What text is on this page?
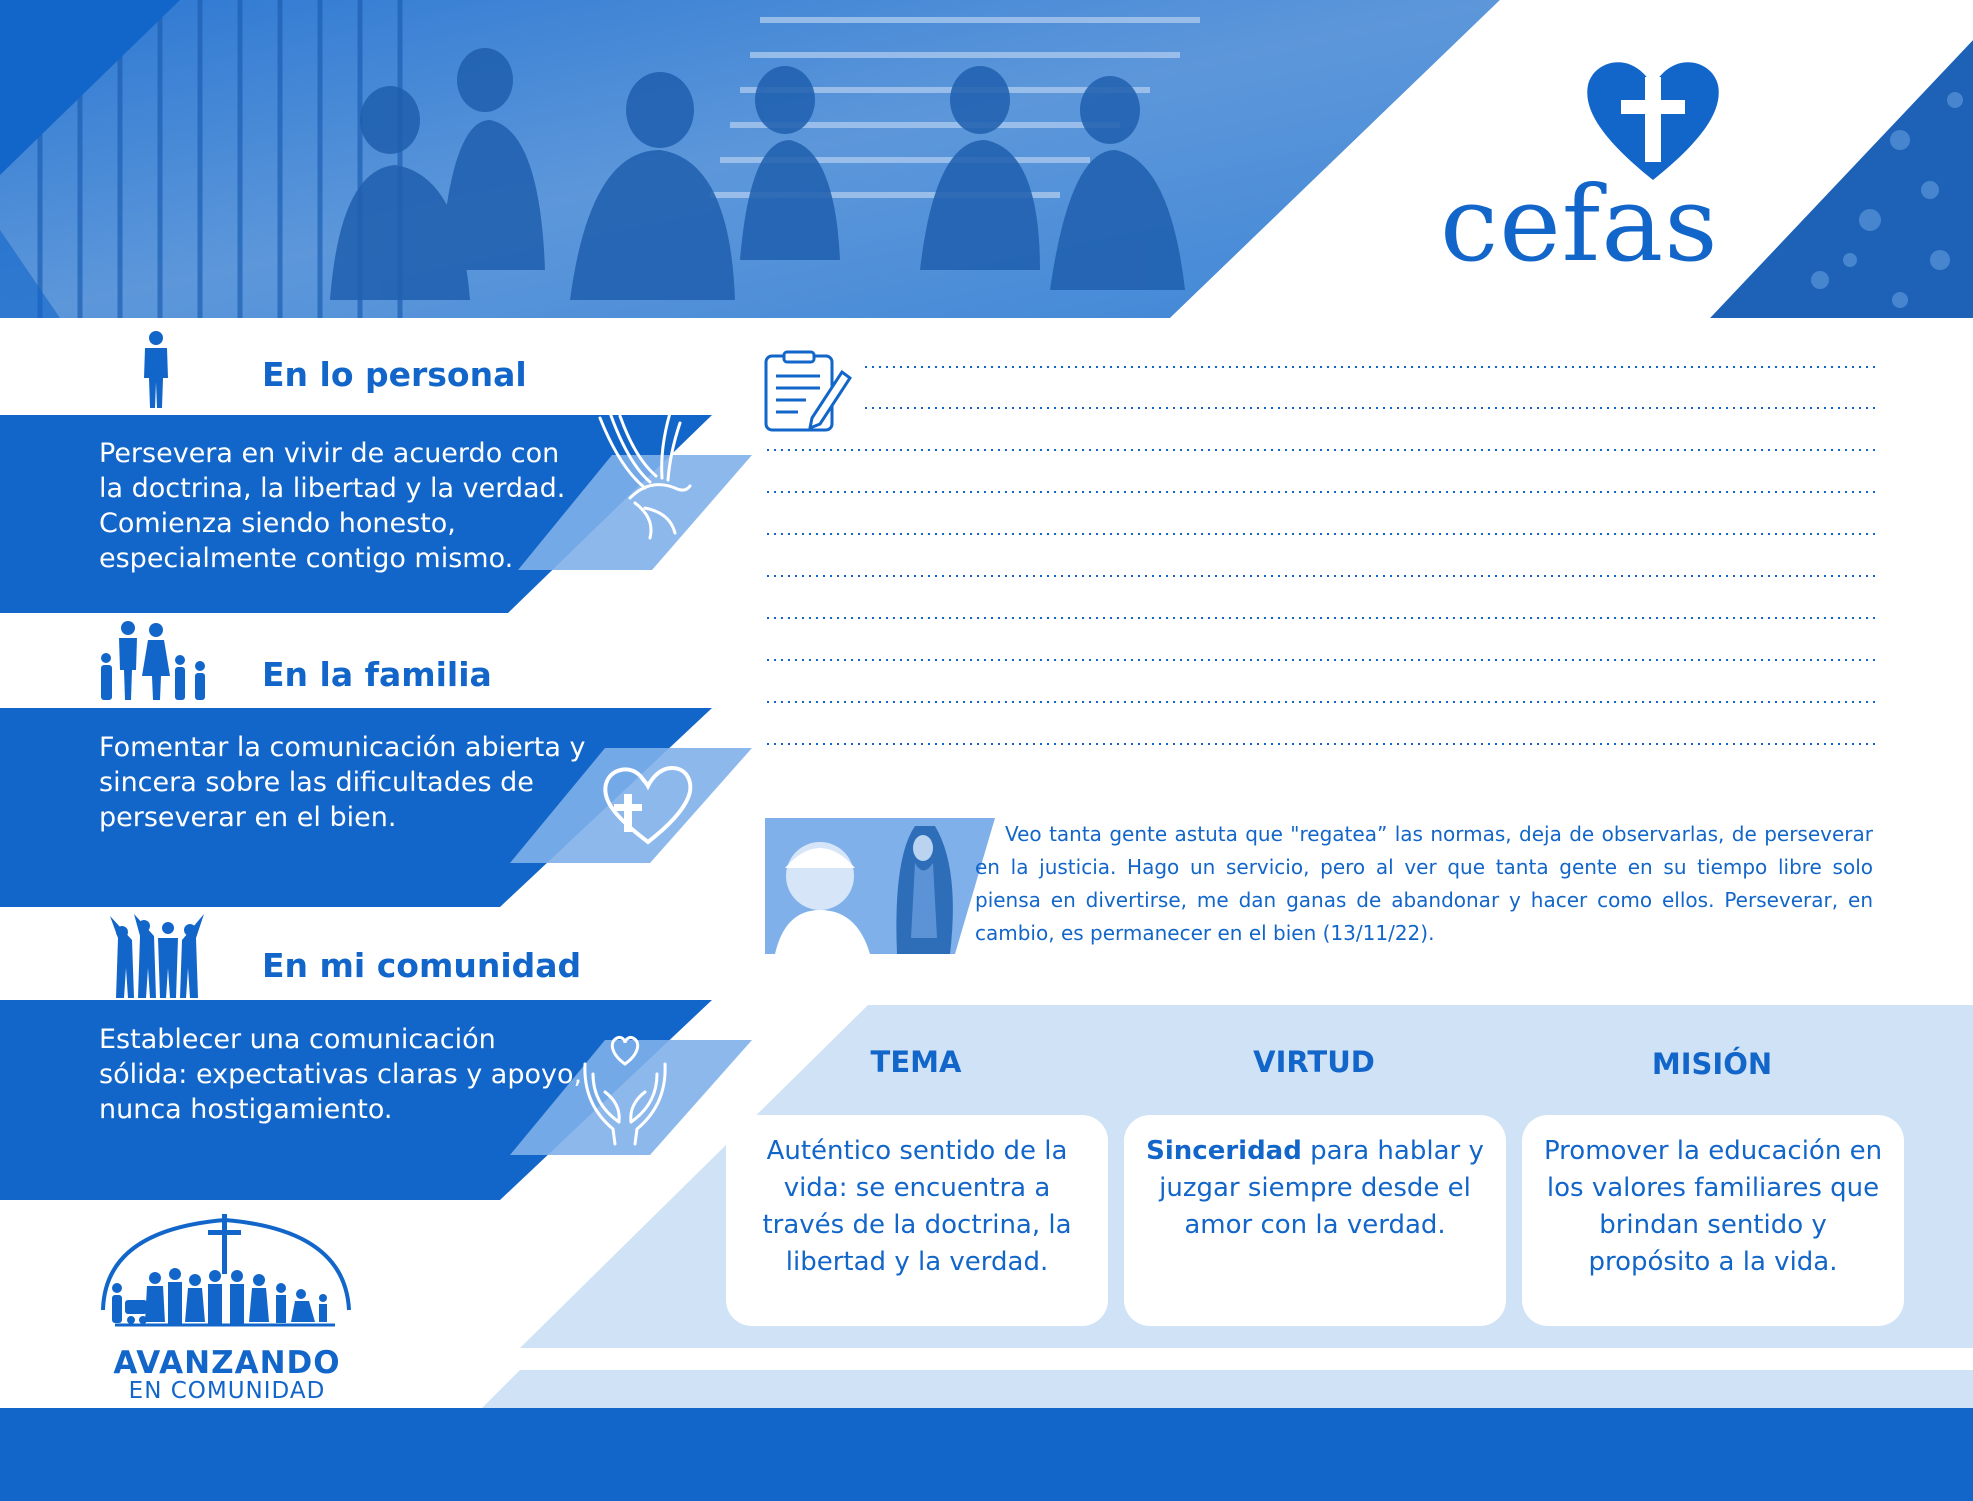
cefas
En lo personal
Persevera en vivir de acuerdo con la doctrina, la libertad y la verdad. Comienza siendo honesto, especialmente contigo mismo.
En la familia
Fomentar la comunicación abierta y sincera sobre las dificultades de perseverar en el bien.
En mi comunidad
Establecer una comunicación sólida: expectativas claras y apoyo, nunca hostigamiento.
AVANZANDO
EN COMUNIDAD
Veo tanta gente astuta que "regatea” las normas, deja de observarlas, de perseverar en la justicia. Hago un servicio, pero al ver que tanta gente en su tiempo libre solo piensa en divertirse, me dan ganas de abandonar y hacer como ellos. Perseverar, en cambio, es permanecer en el bien (13/11/22).
TEMA	VIRTUD	MISIÓN
Auténtico sentido de la vida: se encuentra a través de la doctrina, la libertad y la verdad.
Sinceridad para hablar y juzgar siempre desde el amor con la verdad.
Promover la educación en los valores familiares que brindan sentido y propósito a la vida.
